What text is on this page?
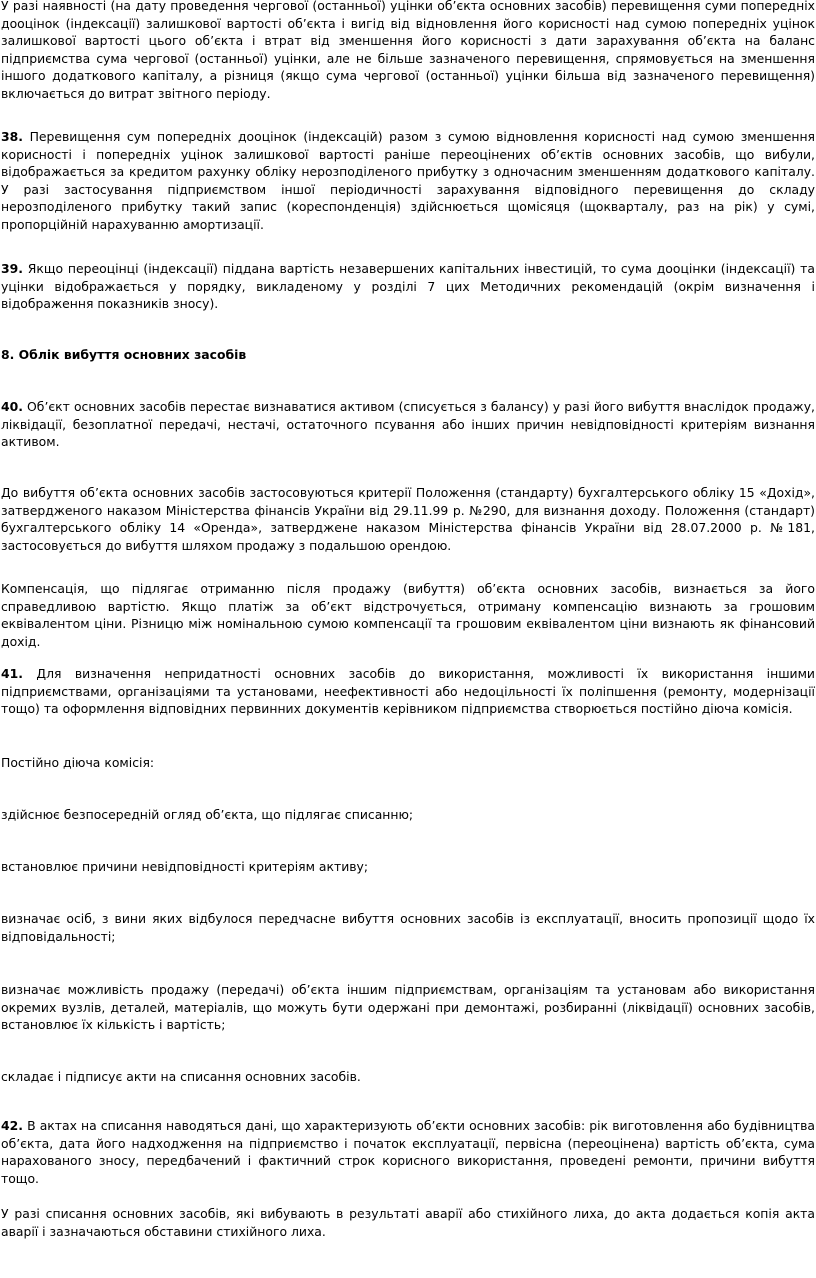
У разі наявності (на дату проведення чергової (останньої) уцінки об’єкта основних засобів) перевищення суми попередніх дооцінок (індексації) залишкової вартості об’єкта і вигід від відновлення його корисності над сумою попередніх уцінок залишкової вартості цього об’єкта і втрат від зменшення його корисності з дати зарахування об’єкта на баланс підприємства сума чергової (останньої) уцінки, але не більше зазначеного перевищення, спрямовується на зменшення іншого додаткового капіталу, а різниця (якщо сума чергової (останньої) уцінки більша від зазначеного перевищення) включається до витрат звітного періоду.

38. Перевищення сум попередніх дооцінок (індексацій) разом з сумою відновлення корисності над сумою зменшення корисності і попередніх уцінок залишкової вартості раніше переоцінених об’єктів основних засобів, що вибули, відображається за кредитом рахунку обліку нерозподіленого прибутку з одночасним зменшенням додаткового капіталу. У разі застосування підприємством іншої періодичності зарахування відповідного перевищення до складу нерозподіленого прибутку такий запис (кореспонденція) здійснюється щомісяця (щокварталу, раз на рік) у сумі, пропорційній нарахуванню амортизації.

39. Якщо переоцінці (індексації) піддана вартість незавершених капітальних інвестицій, то сума дооцінки (індексації) та уцінки відображається у порядку, викладеному у розділі 7 цих Методичних рекомендацій (окрім визначення і відображення показників зносу).

8. Облік вибуття основних засобів

40. Об’єкт основних засобів перестає визнаватися активом (списується з балансу) у разі його вибуття внаслідок продажу, ліквідації, безоплатної передачі, нестачі, остаточного псування або інших причин невідповідності критеріям визнання активом.

До вибуття об’єкта основних засобів застосовуються критерії Положення (стандарту) бухгалтерського обліку 15 «Дохід», затвердженого наказом Міністерства фінансів України від 29.11.99 р. №290, для визнання доходу. Положення (стандарт) бухгалтерського обліку 14 «Оренда», затверджене наказом Міністерства фінансів України від 28.07.2000 р. №181, застосовується до вибуття шляхом продажу з подальшою орендою.

Компенсація, що підлягає отриманню після продажу (вибуття) об’єкта основних засобів, визнається за його справедливою вартістю. Якщо платіж за об’єкт відстрочується, отриману компенсацію визнають за грошовим еквівалентом ціни. Різницю між номінальною сумою компенсації та грошовим еквівалентом ціни визнають як фінансовий дохід.

41. Для визначення непридатності основних засобів до використання, можливості їх використання іншими підприємствами, організаціями та установами, неефективності або недоцільності їх поліпшення (ремонту, модернізації тощо) та оформлення відповідних первинних документів керівником підприємства створюється постійно діюча комісія.

Постійно діюча комісія:

здійснює безпосередній огляд об’єкта, що підлягає списанню;

встановлює причини невідповідності критеріям активу;

визначає осіб, з вини яких відбулося передчасне вибуття основних засобів із експлуатації, вносить пропозиції щодо їх відповідальності;

визначає можливість продажу (передачі) об’єкта іншим підприємствам, організаціям та установам або використання окремих вузлів, деталей, матеріалів, що можуть бути одержані при демонтажі, розбиранні (ліквідації) основних засобів, встановлює їх кількість і вартість;

складає і підписує акти на списання основних засобів.

42. В актах на списання наводяться дані, що характеризують об’єкти основних засобів: рік виготовлення або будівництва об’єкта, дата його надходження на підприємство і початок експлуатації, первісна (переоцінена) вартість об’єкта, сума нарахованого зносу, передбачений і фактичний строк корисного використання, проведені ремонти, причини вибуття тощо.

У разі списання основних засобів, які вибувають в результаті аварії або стихійного лиха, до акта додається копія акта аварії і зазначаються обставини стихійного лиха.
